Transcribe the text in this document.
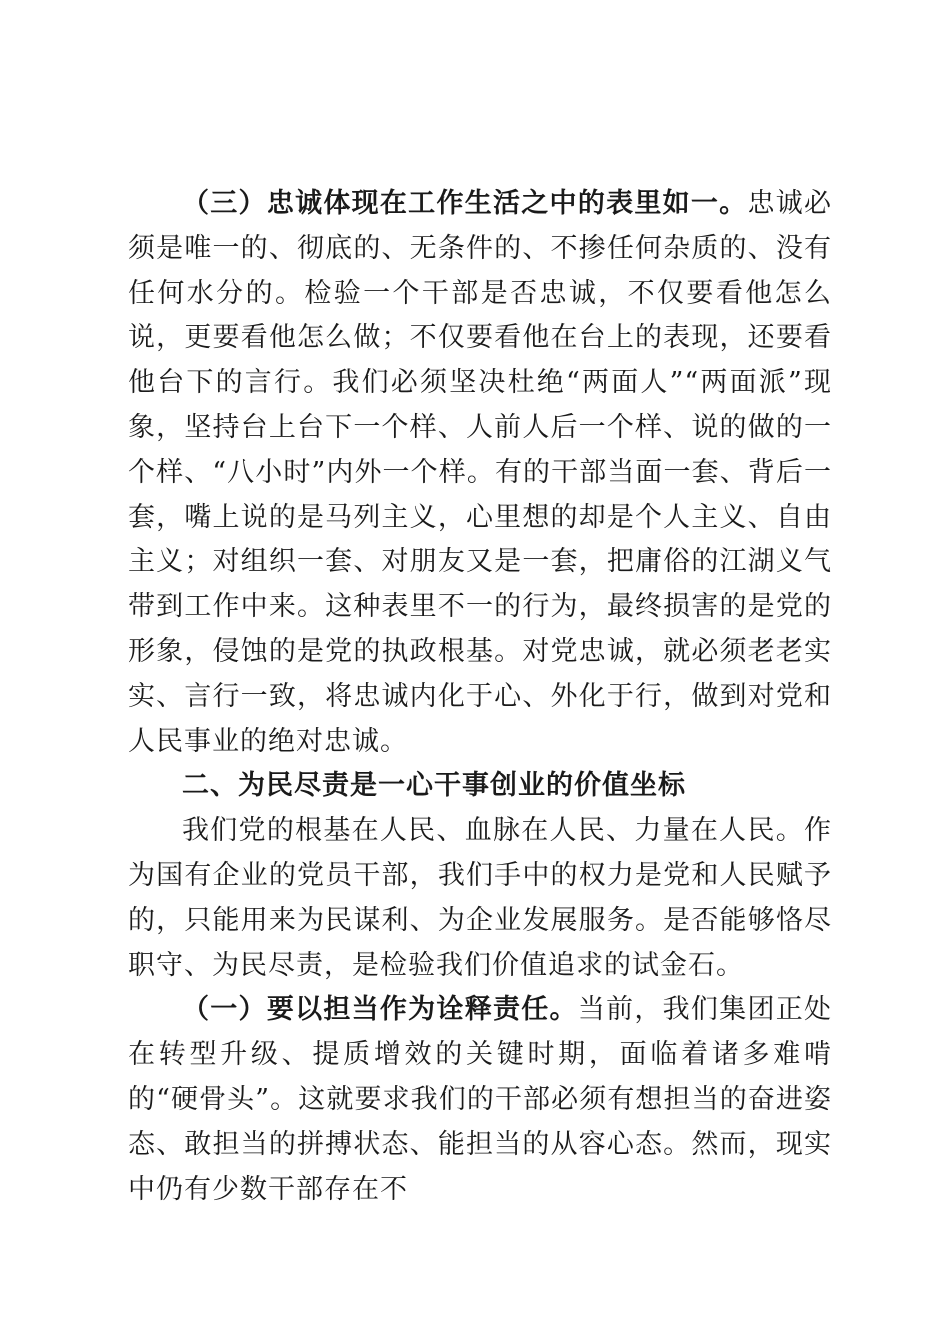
（三）忠诚体现在工作生活之中的表里如一。忠诚必须是唯一的、彻底的、无条件的、不掺任何杂质的、没有任何水分的。检验一个干部是否忠诚，不仅要看他怎么说，更要看他怎么做；不仅要看他在台上的表现，还要看他台下的言行。我们必须坚决杜绝“两面人”“两面派”现象，坚持台上台下一个样、人前人后一个样、说的做的一个样、“八小时”内外一个样。有的干部当面一套、背后一套，嘴上说的是马列主义，心里想的却是个人主义、自由主义；对组织一套、对朋友又是一套，把庸俗的江湖义气带到工作中来。这种表里不一的行为，最终损害的是党的形象，侵蚀的是党的执政根基。对党忠诚，就必须老老实实、言行一致，将忠诚内化于心、外化于行，做到对党和人民事业的绝对忠诚。

二、为民尽责是一心干事创业的价值坐标

我们党的根基在人民、血脉在人民、力量在人民。作为国有企业的党员干部，我们手中的权力是党和人民赋予的，只能用来为民谋利、为企业发展服务。是否能够恪尽职守、为民尽责，是检验我们价值追求的试金石。

（一）要以担当作为诠释责任。当前，我们集团正处在转型升级、提质增效的关键时期，面临着诸多难啃的“硬骨头”。这就要求我们的干部必须有想担当的奋进姿态、敢担当的拼搏状态、能担当的从容心态。然而，现实中仍有少数干部存在不
